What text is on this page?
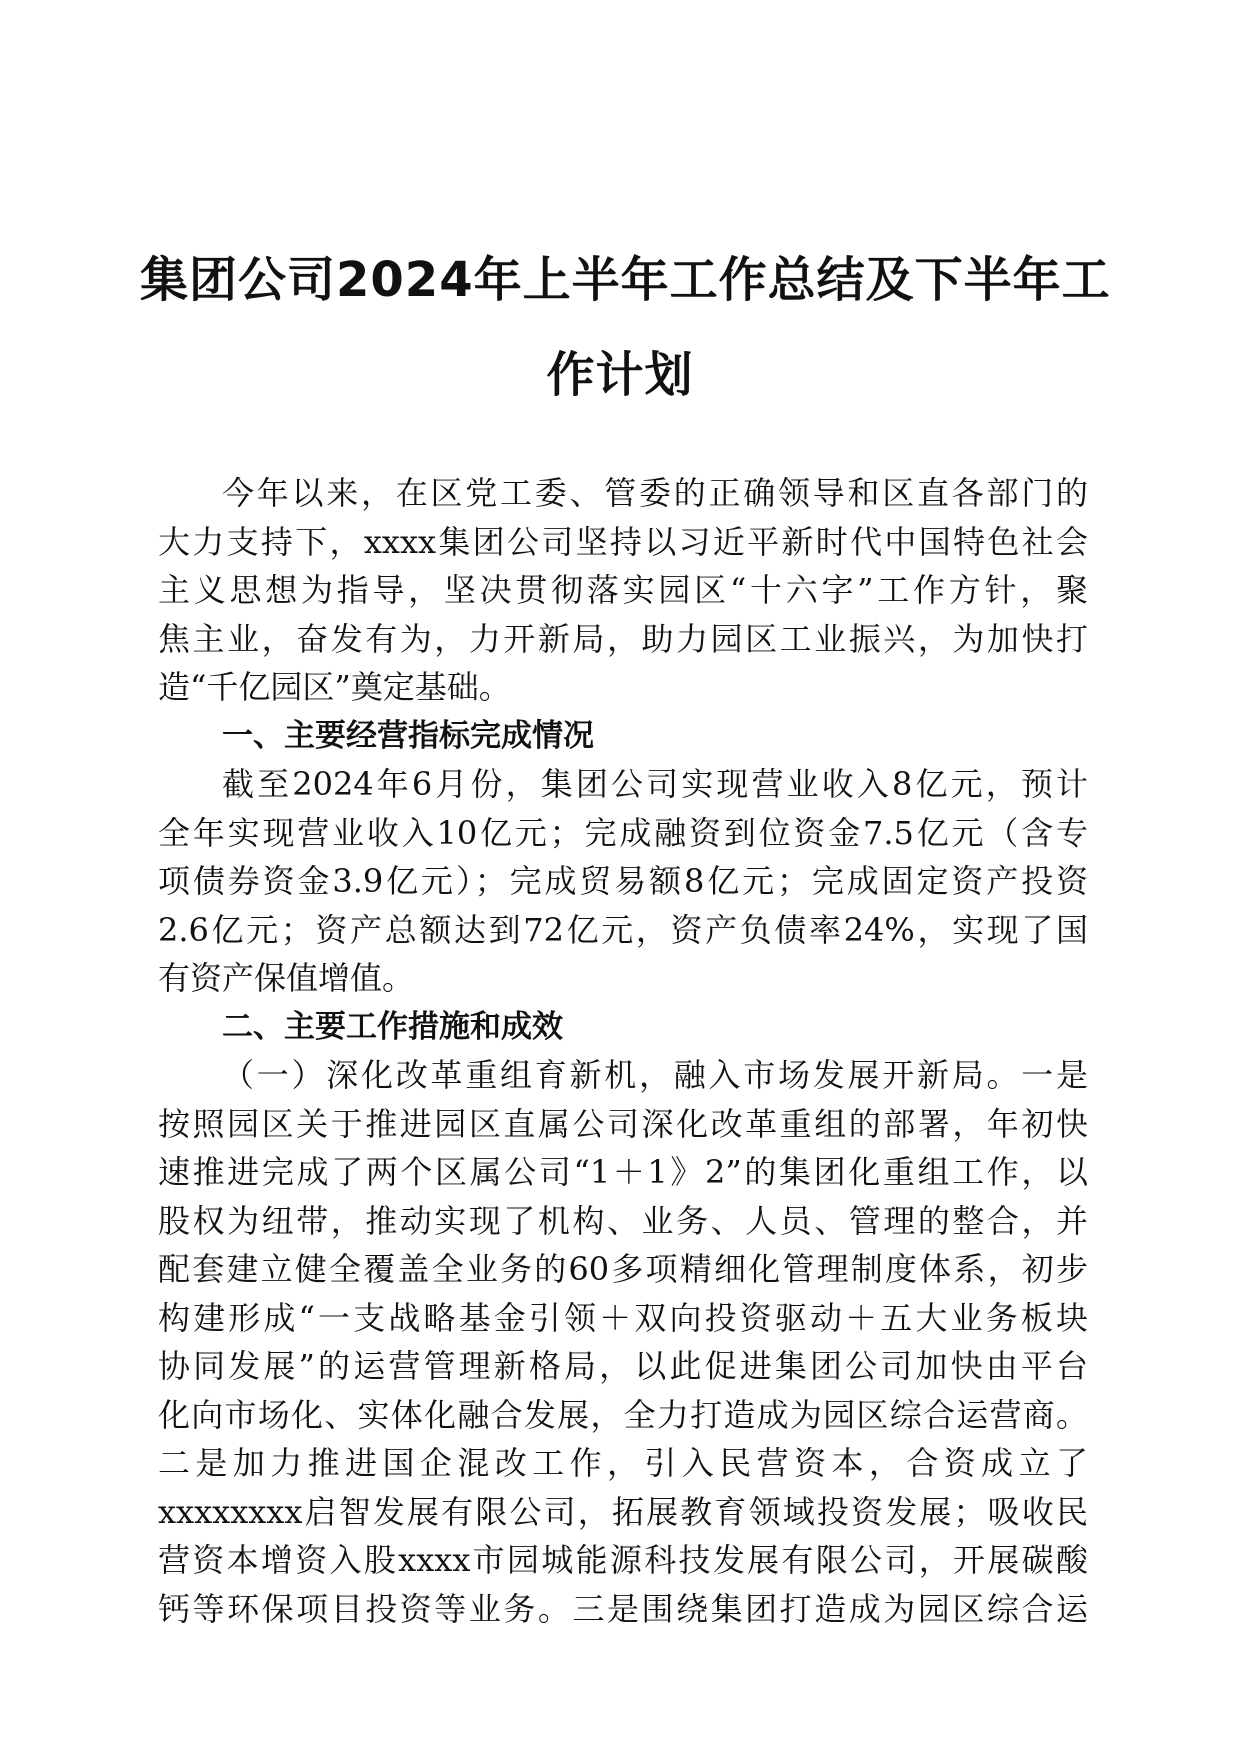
集团公司2024年上半年工作总结及下半年工
作计划
今年以来，在区党工委、管委的正确领导和区直各部门的
大力支持下，xxxx集团公司坚持以习近平新时代中国特色社会
主义思想为指导，坚决贯彻落实园区“十六字”工作方针，聚
焦主业，奋发有为，力开新局，助力园区工业振兴，为加快打
造“千亿园区”奠定基础。
一、主要经营指标完成情况
截至2024年6月份，集团公司实现营业收入8亿元，预计
全年实现营业收入10亿元；完成融资到位资金7.5亿元（含专
项债券资金3.9亿元）；完成贸易额8亿元；完成固定资产投资
2.6亿元；资产总额达到72亿元，资产负债率24%，实现了国
有资产保值增值。
二、主要工作措施和成效
（一）深化改革重组育新机，融入市场发展开新局。一是
按照园区关于推进园区直属公司深化改革重组的部署，年初快
速推进完成了两个区属公司“1＋1》2”的集团化重组工作，以
股权为纽带，推动实现了机构、业务、人员、管理的整合，并
配套建立健全覆盖全业务的60多项精细化管理制度体系，初步
构建形成“一支战略基金引领＋双向投资驱动＋五大业务板块
协同发展”的运营管理新格局，以此促进集团公司加快由平台
化向市场化、实体化融合发展，全力打造成为园区综合运营商。
二是加力推进国企混改工作，引入民营资本，合资成立了
xxxxxxxx启智发展有限公司，拓展教育领域投资发展；吸收民
营资本增资入股xxxx市园城能源科技发展有限公司，开展碳酸
钙等环保项目投资等业务。三是围绕集团打造成为园区综合运
